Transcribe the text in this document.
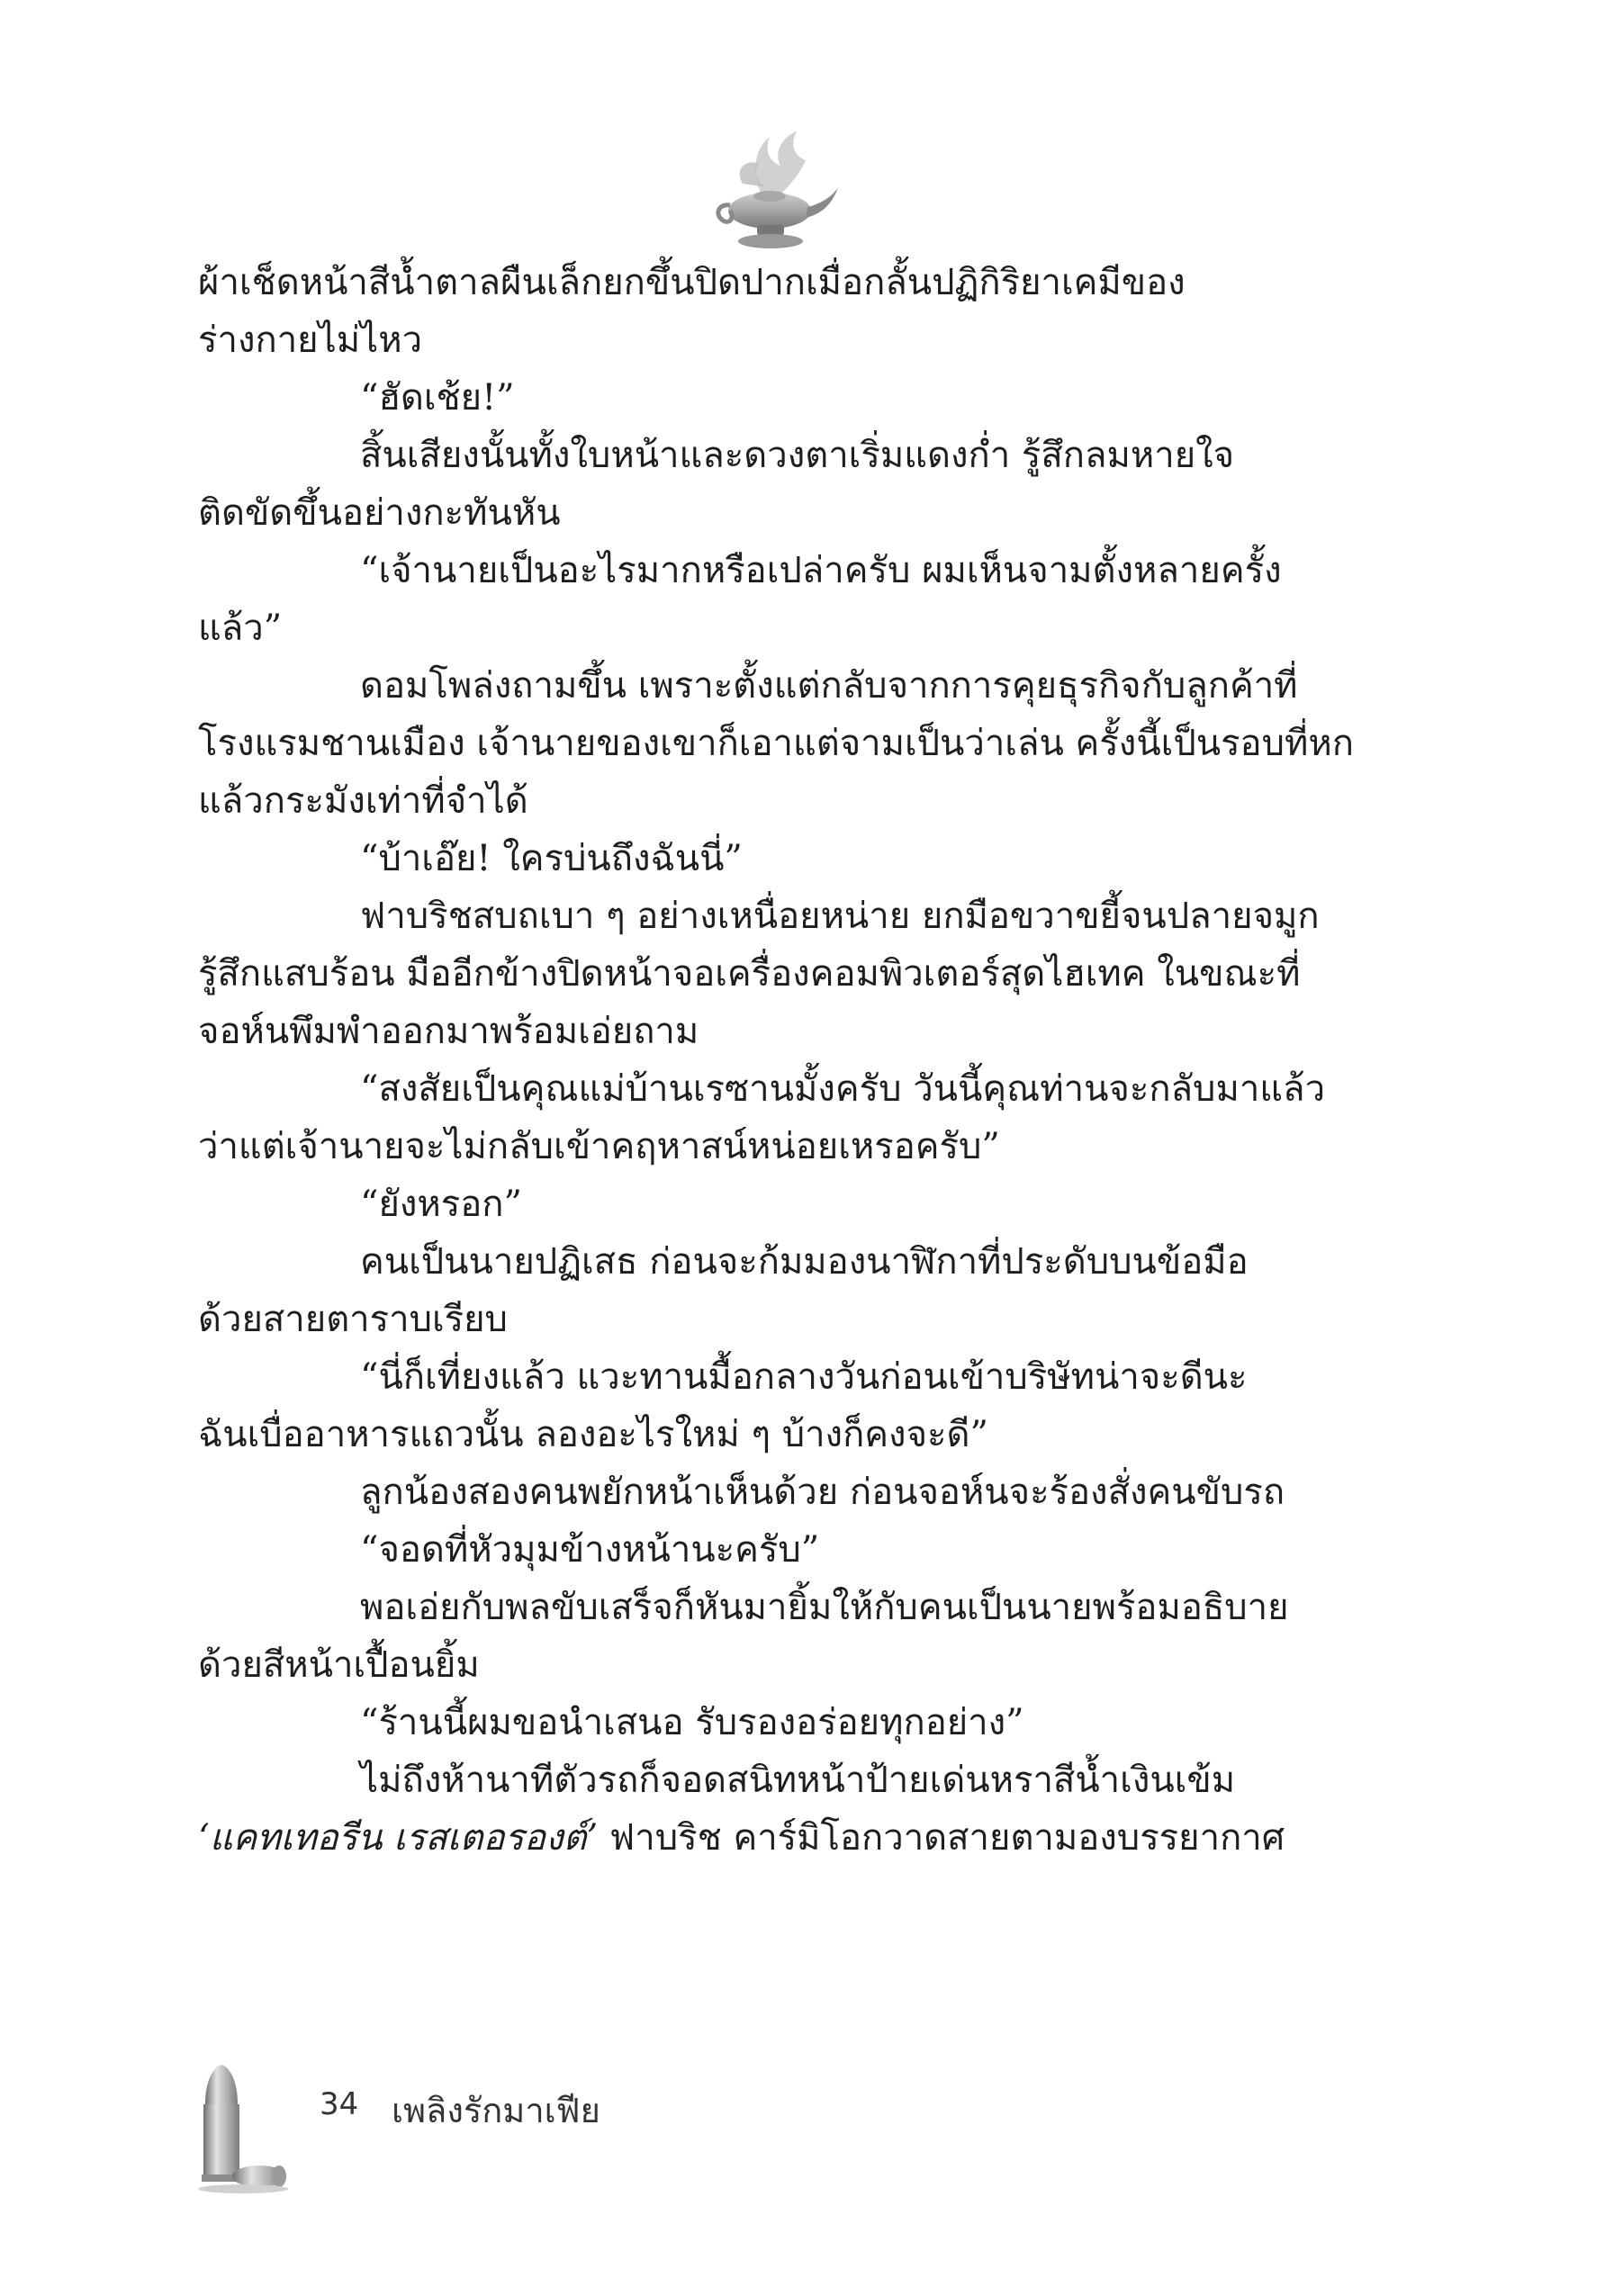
ผ้าเช็ดหน้าสีน้ำตาลผืนเล็กยกขึ้นปิดปากเมื่อกลั้นปฏิกิริยาเคมีของ
ร่างกายไม่ไหว
“ฮัดเช้ย!”
สิ้นเสียงนั้นทั้งใบหน้าและดวงตาเริ่มแดงก่ำ รู้สึกลมหายใจ
ติดขัดขึ้นอย่างกะทันหัน
“เจ้านายเป็นอะไรมากหรือเปล่าครับ ผมเห็นจามตั้งหลายครั้ง
แล้ว”
ดอมโพล่งถามขึ้น เพราะตั้งแต่กลับจากการคุยธุรกิจกับลูกค้าที่
โรงแรมชานเมือง เจ้านายของเขาก็เอาแต่จามเป็นว่าเล่น ครั้งนี้เป็นรอบที่หก
แล้วกระมังเท่าที่จำได้
“บ้าเอ๊ย! ใครบ่นถึงฉันนี่”
ฟาบริชสบถเบา ๆ อย่างเหนื่อยหน่าย ยกมือขวาขยี้จนปลายจมูก
รู้สึกแสบร้อน มืออีกข้างปิดหน้าจอเครื่องคอมพิวเตอร์สุดไฮเทค ในขณะที่
จอห์นพึมพำออกมาพร้อมเอ่ยถาม
“สงสัยเป็นคุณแม่บ้านเรซานมั้งครับ วันนี้คุณท่านจะกลับมาแล้ว
ว่าแต่เจ้านายจะไม่กลับเข้าคฤหาสน์หน่อยเหรอครับ”
“ยังหรอก”
คนเป็นนายปฏิเสธ ก่อนจะก้มมองนาฬิกาที่ประดับบนข้อมือ
ด้วยสายตาราบเรียบ
“นี่ก็เที่ยงแล้ว แวะทานมื้อกลางวันก่อนเข้าบริษัทน่าจะดีนะ
ฉันเบื่ออาหารแถวนั้น ลองอะไรใหม่ ๆ บ้างก็คงจะดี”
ลูกน้องสองคนพยักหน้าเห็นด้วย ก่อนจอห์นจะร้องสั่งคนขับรถ
“จอดที่หัวมุมข้างหน้านะครับ”
พอเอ่ยกับพลขับเสร็จก็หันมายิ้มให้กับคนเป็นนายพร้อมอธิบาย
ด้วยสีหน้าเปื้อนยิ้ม
“ร้านนี้ผมขอนำเสนอ รับรองอร่อยทุกอย่าง”
ไม่ถึงห้านาทีตัวรถก็จอดสนิทหน้าป้ายเด่นหราสีน้ำเงินเข้ม
‘แคทเทอรีน เรสเตอรองต์’ ฟาบริช คาร์มิโอกวาดสายตามองบรรยากาศ
34 เพลิงรักมาเฟีย
